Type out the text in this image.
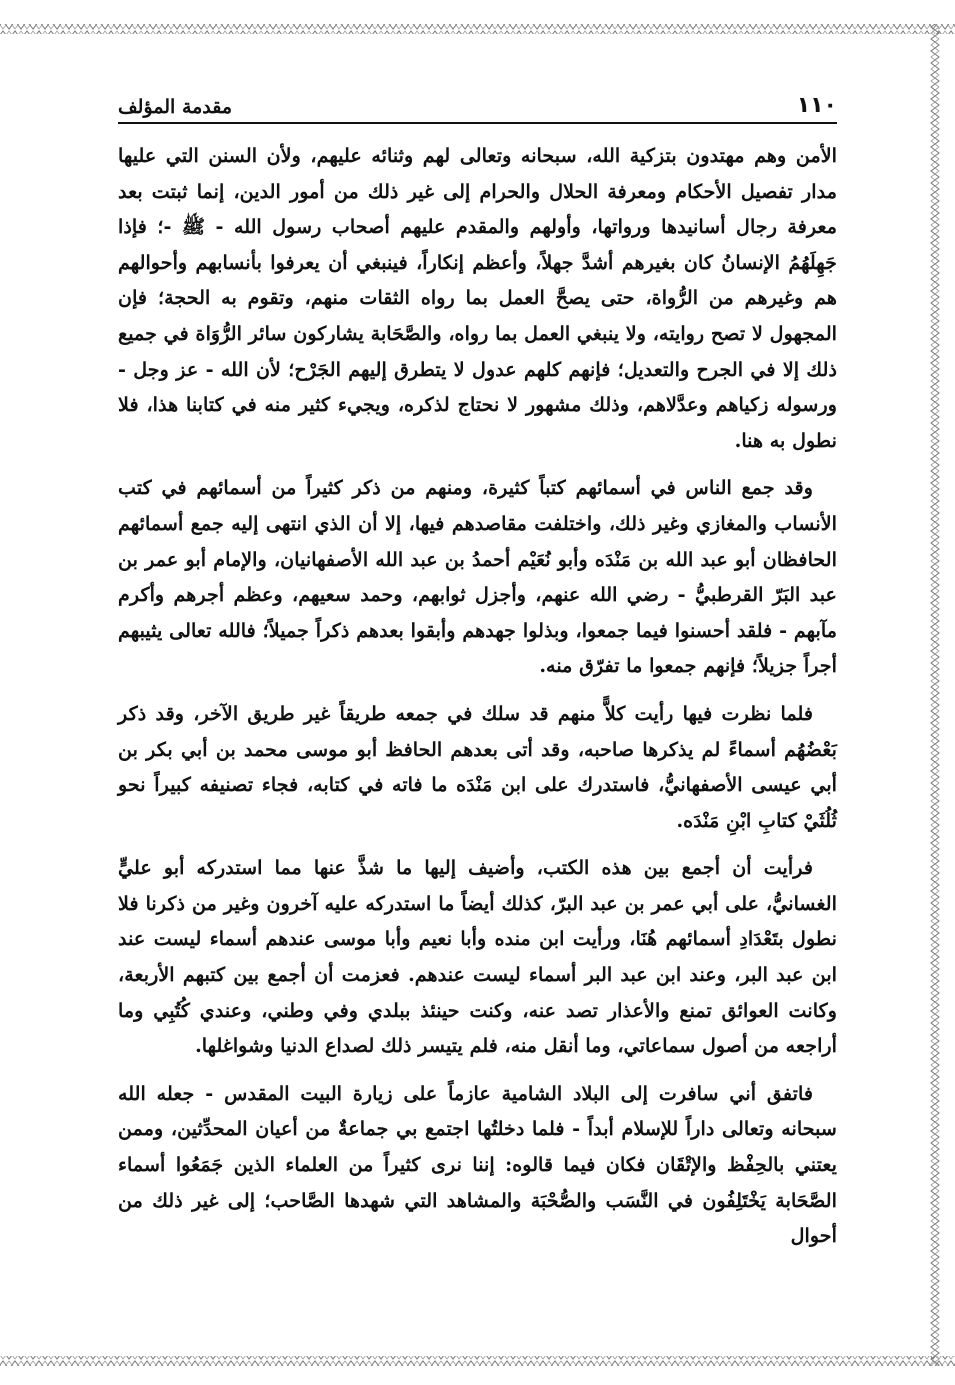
١١٠
مقدمة المؤلف

الأمن وهم مهتدون بتزكية الله، سبحانه وتعالى لهم وثنائه عليهم، ولأن السنن التي عليها مدار تفصيل الأحكام ومعرفة الحلال والحرام إلى غير ذلك من أمور الدين، إنما ثبتت بعد معرفة رجال أسانيدها ورواتها، وأولهم والمقدم عليهم أصحاب رسول الله - ﷺ -؛ فإذا جَهِلَهُمُ الإنسانُ كان بغيرهم أشدَّ جهلاً، وأعظم إنكاراً، فينبغي أن يعرفوا بأنسابهم وأحوالهم هم وغيرهم من الرُّواة، حتى يصحَّ العمل بما رواه الثقات منهم، وتقوم به الحجة؛ فإن المجهول لا تصح روايته، ولا ينبغي العمل بما رواه، والصَّحَابة يشاركون سائر الرُّوَاة في جميع ذلك إلا في الجرح والتعديل؛ فإنهم كلهم عدول لا يتطرق إليهم الجَرْح؛ لأن الله - عز وجل - ورسوله زكياهم وعدَّلاهم، وذلك مشهور لا نحتاج لذكره، ويجيء كثير منه في كتابنا هذا، فلا نطول به هنا.

وقد جمع الناس في أسمائهم كتباً كثيرة، ومنهم من ذكر كثيراً من أسمائهم في كتب الأنساب والمغازي وغير ذلك، واختلفت مقاصدهم فيها، إلا أن الذي انتهى إليه جمع أسمائهم الحافظان أبو عبد الله بن مَنْدَه وأبو نُعَيْم أحمدُ بن عبد الله الأصفهانيان، والإمام أبو عمر بن عبد البَرّ القرطبيُّ - رضي الله عنهم، وأجزل ثوابهم، وحمد سعيهم، وعظم أجرهم وأكرم مآبهم - فلقد أحسنوا فيما جمعوا، وبذلوا جهدهم وأبقوا بعدهم ذكراً جميلاً؛ فالله تعالى يثيبهم أجراً جزيلاً؛ فإنهم جمعوا ما تفرّق منه.

فلما نظرت فيها رأيت كلاًّ منهم قد سلك في جمعه طريقاً غير طريق الآخر، وقد ذكر بَعْضُهُم أسماءً لم يذكرها صاحبه، وقد أتى بعدهم الحافظ أبو موسى محمد بن أبي بكر بن أبي عيسى الأصفهانيُّ، فاستدرك على ابن مَنْدَه ما فاته في كتابه، فجاء تصنيفه كبيراً نحو ثُلُثَيْ كتابِ ابْنِ مَنْدَه.

فرأيت أن أجمع بين هذه الكتب، وأضيف إليها ما شذَّ عنها مما استدركه أبو عليٍّ الغسانيُّ، على أبي عمر بن عبد البرّ، كذلك أيضاً ما استدركه عليه آخرون وغير من ذكرنا فلا نطول بتَعْدَادِ أسمائهم هُنَا، ورأيت ابن منده وأبا نعيم وأبا موسى عندهم أسماء ليست عند ابن عبد البر، وعند ابن عبد البر أسماء ليست عندهم. فعزمت أن أجمع بين كتبهم الأربعة، وكانت العوائق تمنع والأعذار تصد عنه، وكنت حينئذ ببلدي وفي وطني، وعندي كُتُبِي وما أراجعه من أصول سماعاتي، وما أنقل منه، فلم يتيسر ذلك لصداع الدنيا وشواغلها.

فاتفق أني سافرت إلى البلاد الشامية عازماً على زيارة البيت المقدس - جعله الله سبحانه وتعالى داراً للإسلام أبداً - فلما دخلتُها اجتمع بي جماعةٌ من أعيان المحدِّثين، وممن يعتني بالحِفْظ والإتْقَان فكان فيما قالوه: إننا نرى كثيراً من العلماء الذين جَمَعُوا أسماء الصَّحَابة يَخْتَلِفُون في النَّسَب والصُّحْبَة والمشاهد التي شهدها الصَّاحب؛ إلى غير ذلك من أحوال
